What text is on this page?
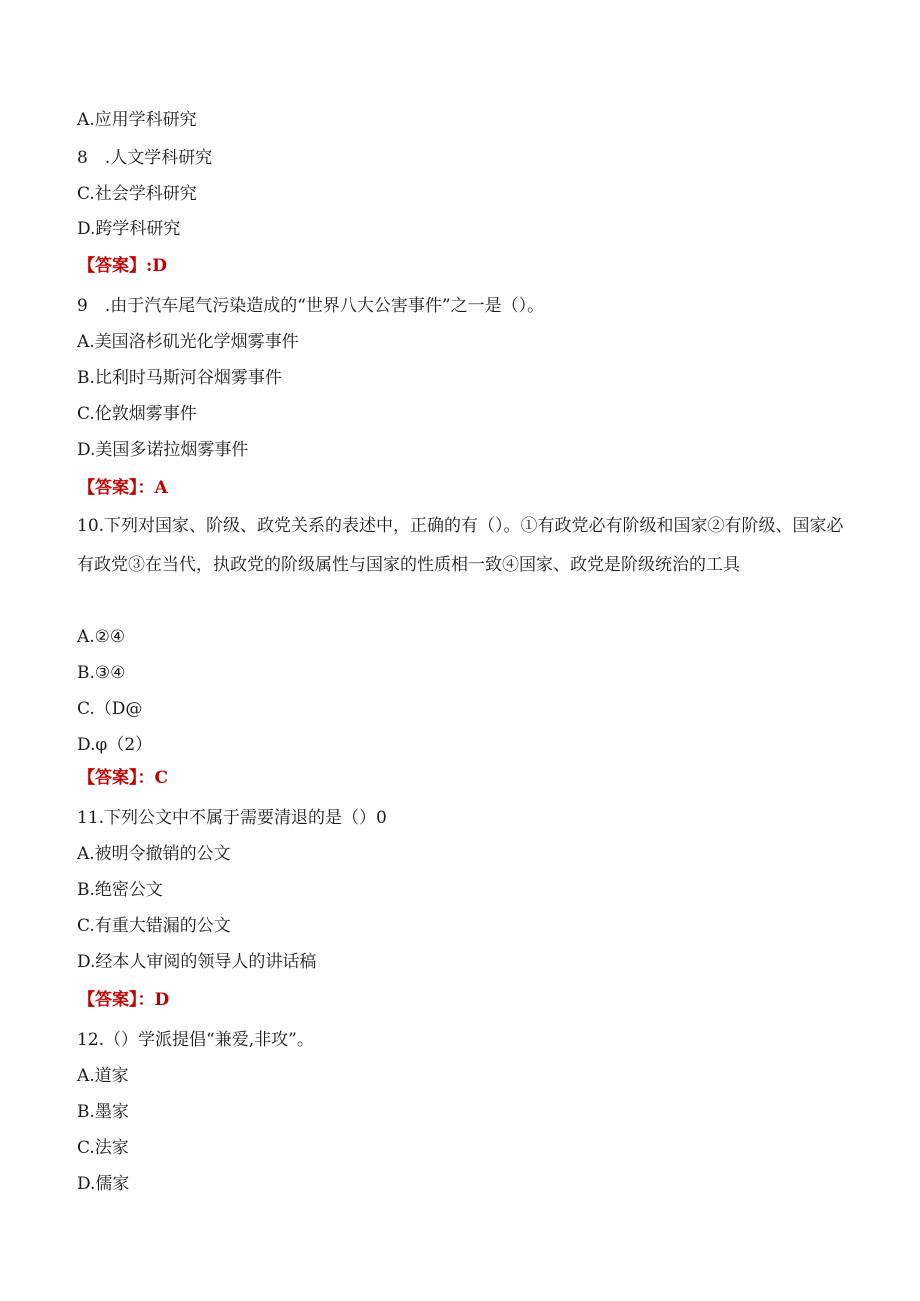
A.应用学科研究
8　.人文学科研究
C.社会学科研究
D.跨学科研究
【答案】:D
9　.由于汽车尾气污染造成的“世界八大公害事件”之一是（）。
A.美国洛杉矶光化学烟雾事件
B.比利时马斯河谷烟雾事件
C.伦敦烟雾事件
D.美国多诺拉烟雾事件
【答案】：A
10.下列对国家、阶级、政党关系的表述中，正确的有（）。①有政党必有阶级和国家②有阶级、国家必有政党③在当代，执政党的阶级属性与国家的性质相一致④国家、政党是阶级统治的工具
A.②④
B.③④
C.（D@
D.φ（2）
【答案】：C
11.下列公文中不属于需要清退的是（）0
A.被明令撤销的公文
B.绝密公文
C.有重大错漏的公文
D.经本人审阅的领导人的讲话稿
【答案】：D
12.（）学派提倡“兼爱,非攻”。
A.道家
B.墨家
C.法家
D.儒家
